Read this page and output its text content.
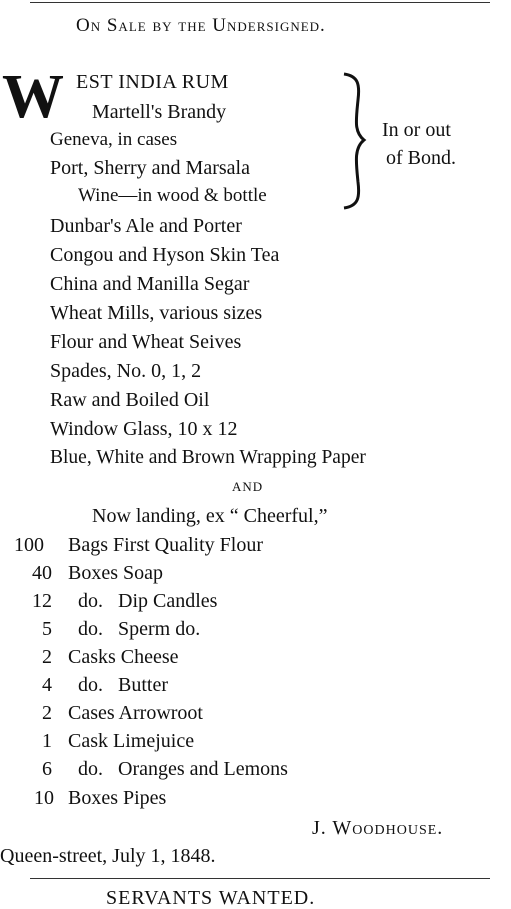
On Sale by the Undersigned.
W EST INDIA RUM
Martell's Brandy
Geneva, in cases
Port, Sherry and Marsala
Wine—in wood & bottle
In or out
of Bond.
Dunbar's Ale and Porter
Congou and Hyson Skin Tea
China and Manilla Segar
Wheat Mills, various sizes
Flour and Wheat Seives
Spades, No. 0, 1, 2
Raw and Boiled Oil
Window Glass, 10 x 12
Blue, White and Brown Wrapping Paper
AND
Now landing, ex “ Cheerful,”
100 Bags First Quality Flour
40 Boxes Soap
12 do.   Dip Candles
5 do.   Sperm do.
2 Casks Cheese
4 do.   Butter
2 Cases Arrowroot
1 Cask Limejuice
6 do.   Oranges and Lemons
10 Boxes Pipes
J. Woodhouse.
Queen-street, July 1, 1848.
SERVANTS WANTED.
